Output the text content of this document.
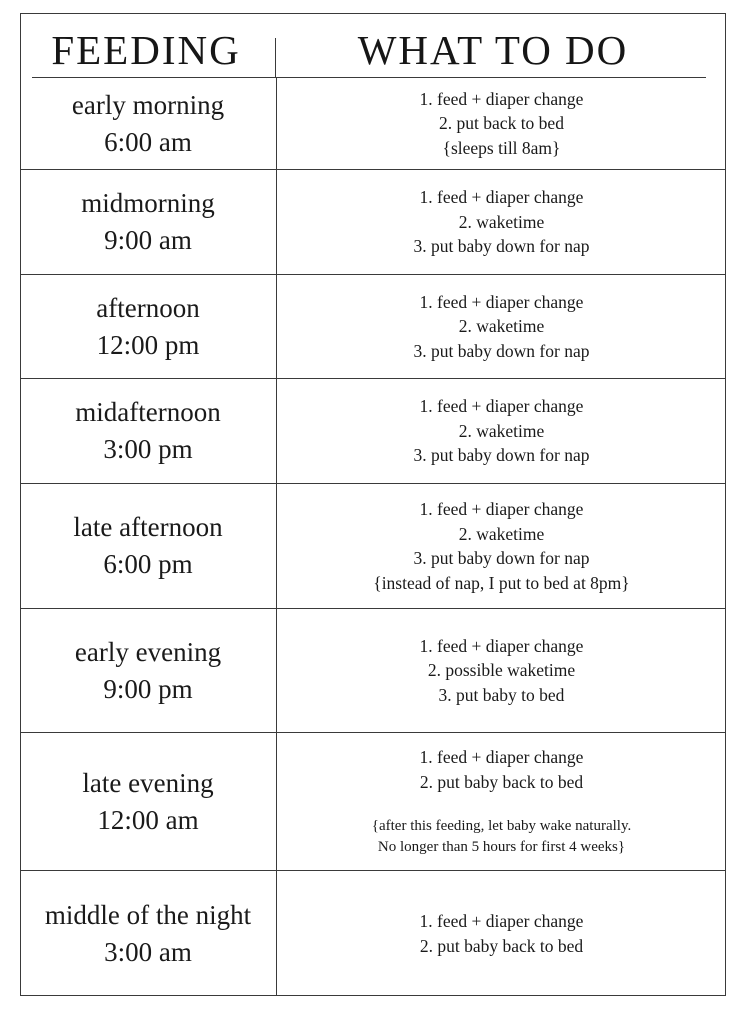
FEEDING	WHAT TO DO
early morning
6:00 am
1. feed + diaper change
2. put back to bed
{sleeps till 8am}
midmorning
9:00 am
1. feed + diaper change
2. waketime
3. put baby down for nap
afternoon
12:00 pm
1. feed + diaper change
2. waketime
3. put baby down for nap
midafternoon
3:00 pm
1. feed + diaper change
2. waketime
3. put baby down for nap
late afternoon
6:00 pm
1. feed + diaper change
2. waketime
3. put baby down for nap
{instead of nap, I put to bed at 8pm}
early evening
9:00 pm
1. feed + diaper change
2. possible waketime
3. put baby to bed
late evening
12:00 am
1. feed + diaper change
2. put baby back to bed
{after this feeding, let baby wake naturally.
No longer than 5 hours for first 4 weeks}
middle of the night
3:00 am
1. feed + diaper change
2. put baby back to bed
